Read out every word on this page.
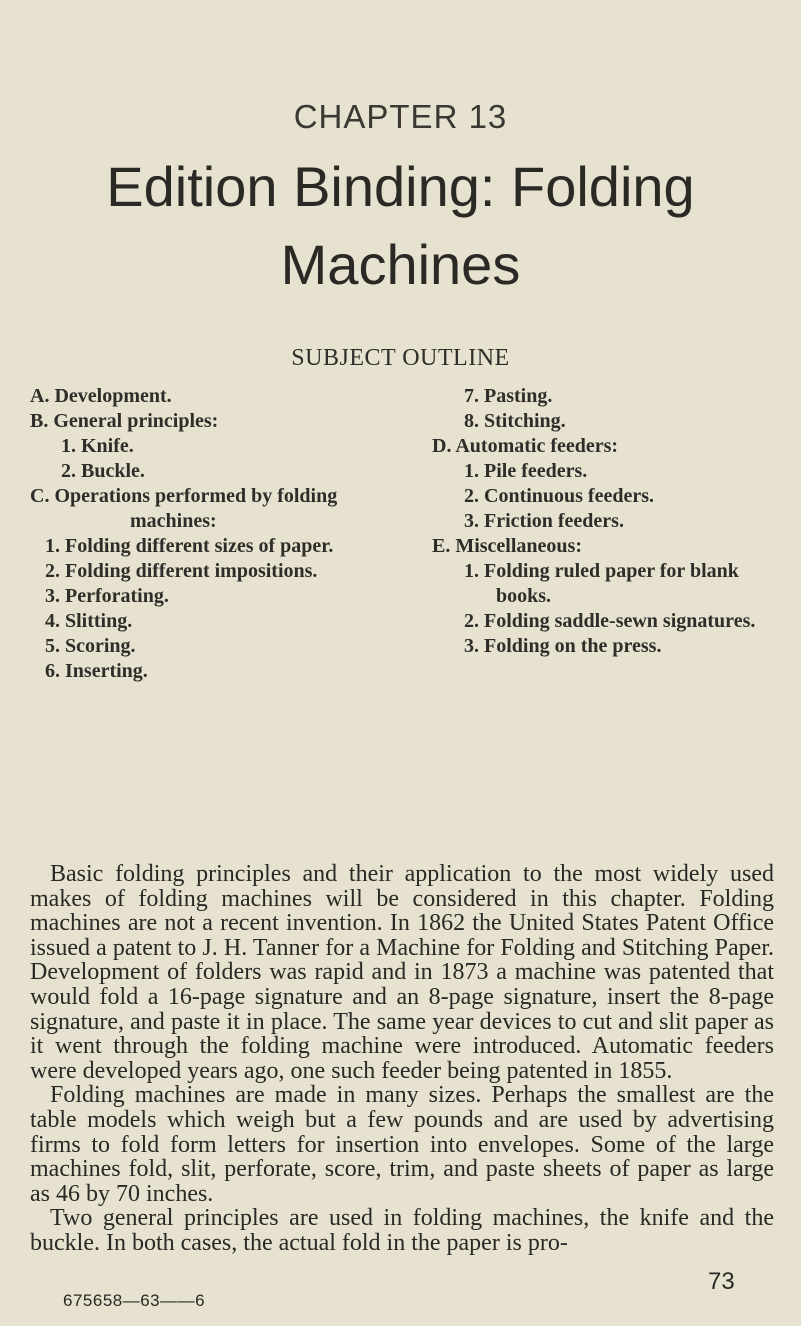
CHAPTER 13
Edition Binding: Folding
Machines
SUBJECT OUTLINE
A. Development.
B. General principles:
1. Knife.
2. Buckle.
C. Operations performed by folding
machines:
1. Folding different sizes of paper.
2. Folding different impositions.
3. Perforating.
4. Slitting.
5. Scoring.
6. Inserting.
7. Pasting.
8. Stitching.
D. Automatic feeders:
1. Pile feeders.
2. Continuous feeders.
3. Friction feeders.
E. Miscellaneous:
1. Folding ruled paper for blank
books.
2. Folding saddle-sewn signatures.
3. Folding on the press.

Basic folding principles and their application to the most widely used makes of folding machines will be considered in this chapter. Folding machines are not a recent invention. In 1862 the United States Patent Office issued a patent to J. H. Tanner for a Machine for Folding and Stitching Paper. Development of folders was rapid and in 1873 a machine was patented that would fold a 16-page signature and an 8-page signature, insert the 8-page signature, and paste it in place. The same year devices to cut and slit paper as it went through the folding machine were introduced. Automatic feeders were developed years ago, one such feeder being patented in 1855.

Folding machines are made in many sizes. Perhaps the smallest are the table models which weigh but a few pounds and are used by advertising firms to fold form letters for insertion into envelopes. Some of the large machines fold, slit, perforate, score, trim, and paste sheets of paper as large as 46 by 70 inches.

Two general principles are used in folding machines, the knife and the buckle. In both cases, the actual fold in the paper is pro-

73
675658—63——6
